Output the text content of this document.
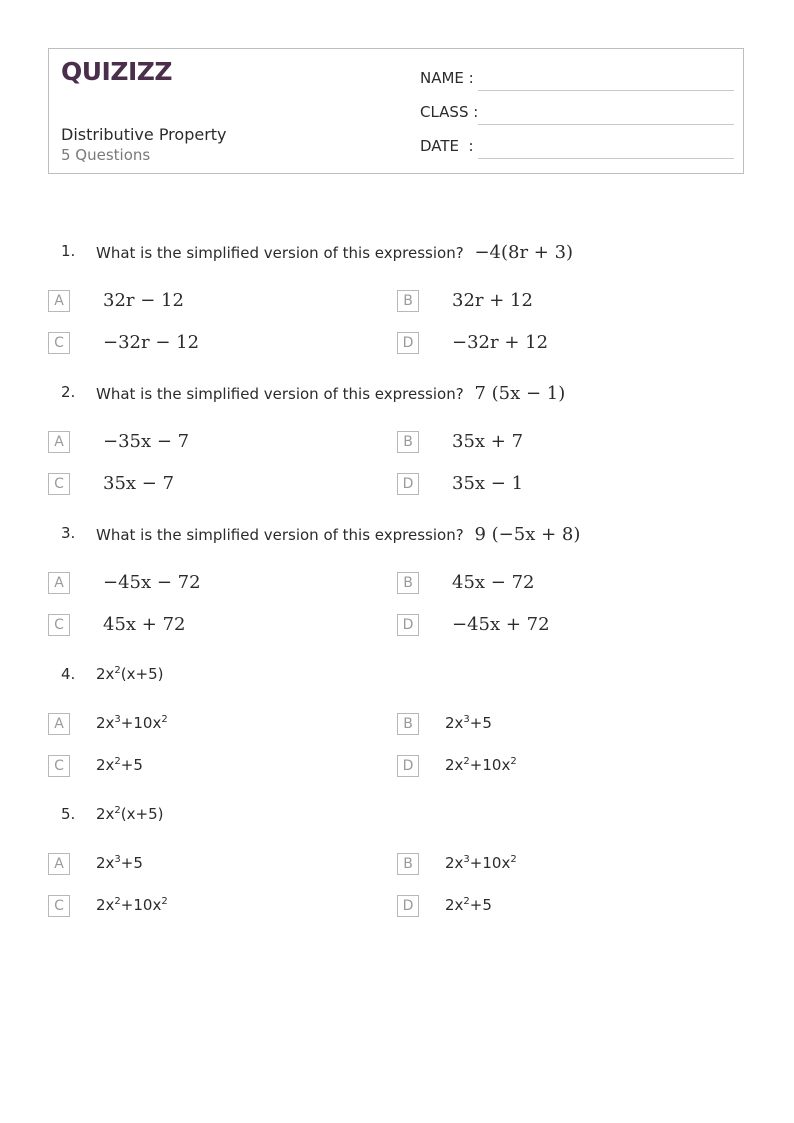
QUIZIZZ
Distributive Property
5 Questions
NAME :
CLASS :
DATE  :
1. What is the simplified version of this expression? −4(8r + 3)
A	32r − 12	B	32r + 12
C	−32r − 12	D	−32r + 12
2. What is the simplified version of this expression? 7 (5x − 1)
A	−35x − 7	B	35x + 7
C	35x − 7	D	35x − 1
3. What is the simplified version of this expression? 9 (−5x + 8)
A	−45x − 72	B	45x − 72
C	45x + 72	D	−45x + 72
4. $2x^2(x+5)$
A	$2x^3+10x^2$	B	$2x^3+5$
C	$2x^2+5$	D	$2x^2+10x^2$
5. $2x^2(x+5)$
A	$2x^3+5$	B	$2x^3+10x^2$
C	$2x^2+10x^2$	D	$2x^2+5$
